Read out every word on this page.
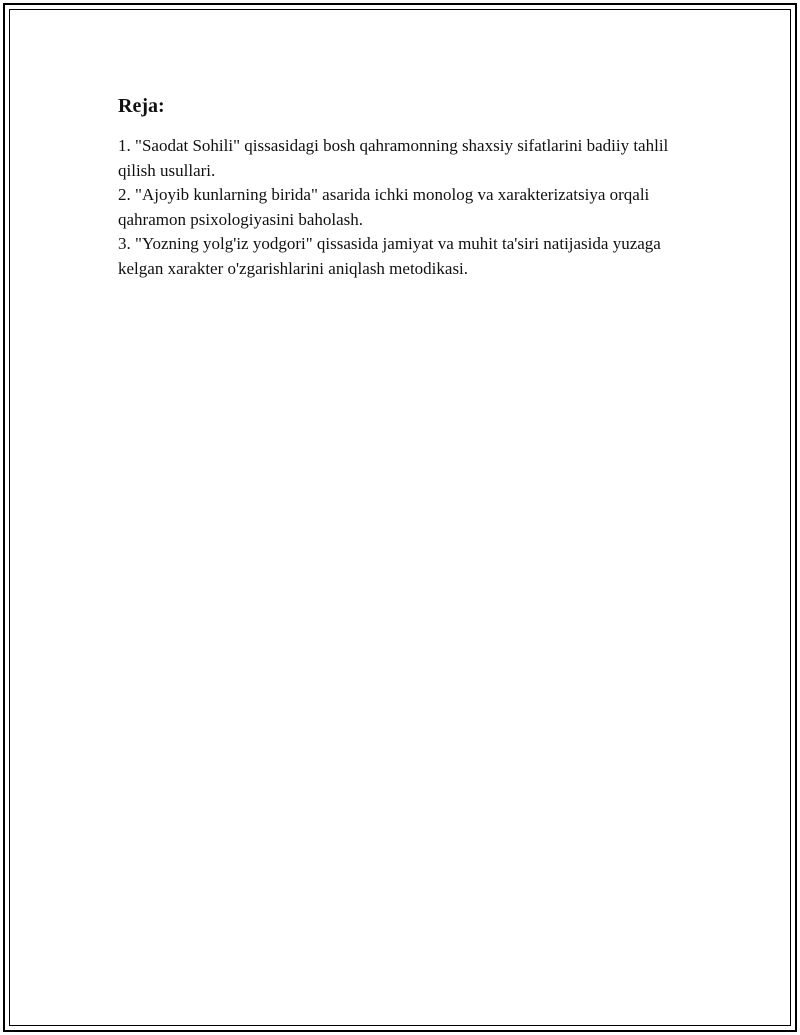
Reja:
1. "Saodat Sohili" qissasidagi bosh qahramonning shaxsiy sifatlarini badiiy tahlil qilish usullari.
2. "Ajoyib kunlarning birida" asarida ichki monolog va xarakterizatsiya orqali qahramon psixologiyasini baholash.
3. "Yozning yolg'iz yodgori" qissasida jamiyat va muhit ta'siri natijasida yuzaga kelgan xarakter o'zgarishlarini aniqlash metodikasi.
